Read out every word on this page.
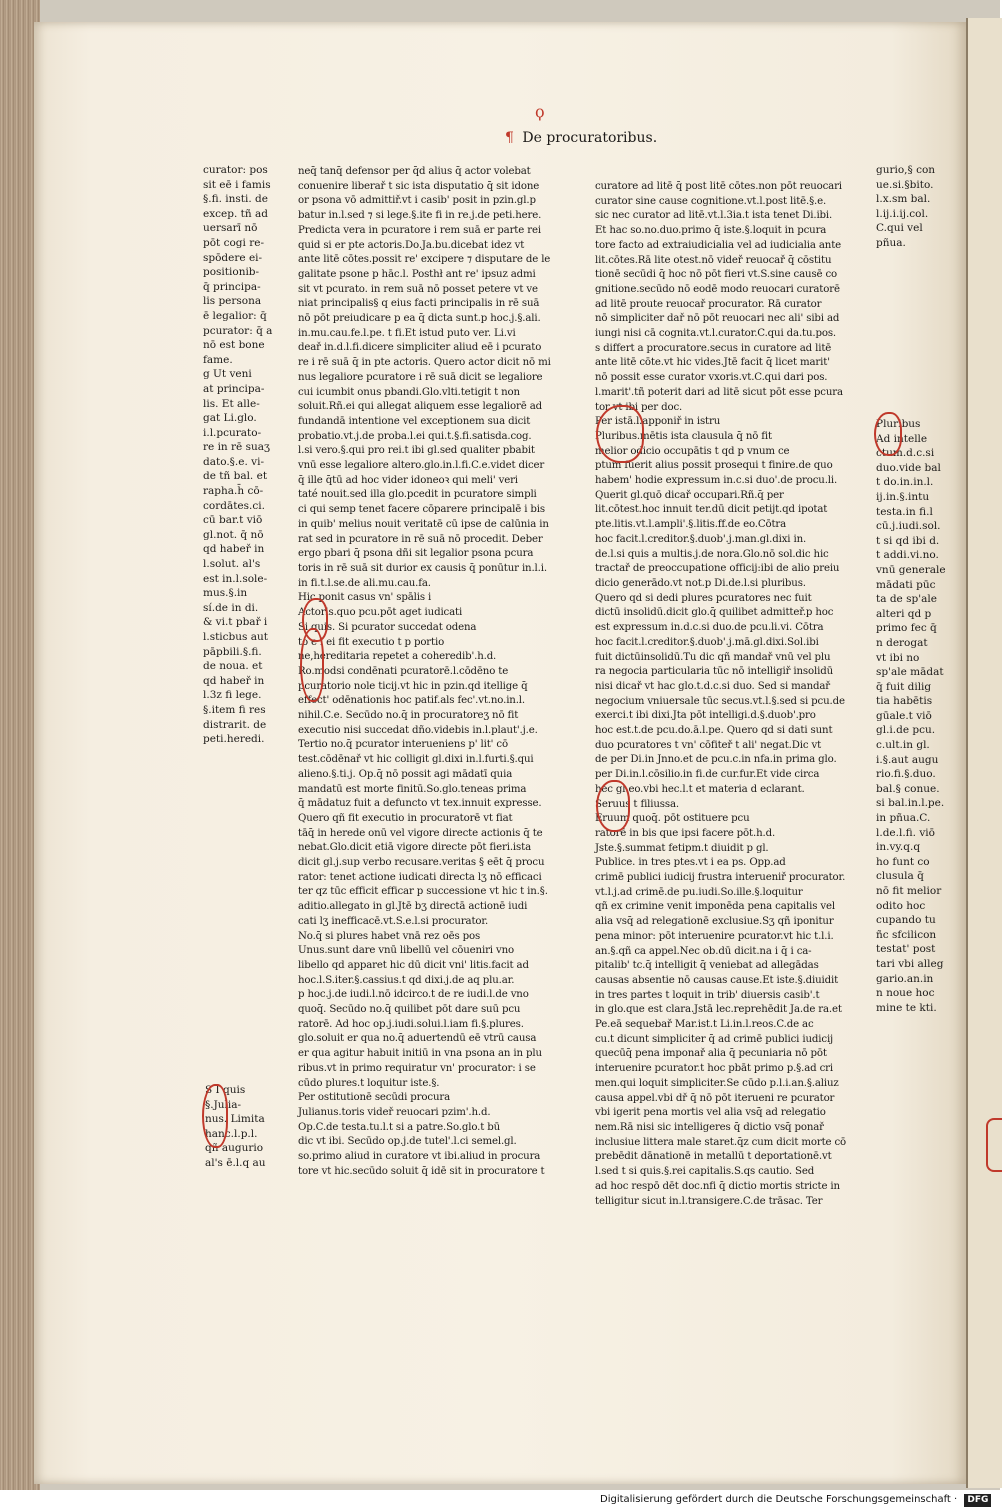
¶ De procuratoribus.

curator: pos

sit eē i famis

§.fi. insti. de

excep. tñ ad

uersarī nō

pōt cogi re-

spōdere ei-

positionib-

q̄ principa-

lis persona

ē legalior: q̄

pcurator: q̄ a

nō est bone

fame.

g Ut veni

at principa-

lis. Et alle-

gat Li.glo.

i.l.pcurato-

re in rē suaʒ

dato.§.e. vi-

de tñ bal. et

rapha.h̄ cō-

cordātes.ci.

cū bar.t viō

gl.not. q̄ nō

qd habeř in

l.solut. al's

est in.l.sole-

mus.§.in

sí.de in di.

& vi.t pbař i

l.sticbus aut

pāpbili.§.fi.

de noua. et

qd habeř in

l.3z fi lege.

§.item fi res

distrarit. de

peti.heredi.

S I quis

§.Julia-

nus. Limita

hanc.l.p.l.

qñ augurio

al's ē.l.q au

neq̄ tanq̄ defensor per q̄d alius q̄ actor volebat

conuenire liberař t sic ista disputatio q̄ sit idone

or psona vō admittiř.vt i casib' posit in pzin.gl.p

batur in.l.sed ⁊ si lege.§.ite fi in re.j.de peti.here.

Predicta vera in pcuratore i rem suā er parte rei

quid si er pte actoris.Do.Ja.bu.dicebat idez vt

ante litē cōtes.possit re' excipere ⁊ disputare de le

galitate psone p hāc.l. Posthł ant re' ipsuz admi

sit vt pcurato. in rem suā nō posset petere vt ve

niat principalis§ q eius facti principalis in rē suā

nō pōt preiudicare p ea q̄ dicta sunt.p hoc.j.§.ali.

in.mu.cau.fe.l.pe. t fi.Et istud puto ver. Li.vi

deař in.d.l.fi.dicere simpliciter aliud eē i pcurato

re i rē suā q̄ in pte actoris. Quero actor dicit nō mi

nus legaliore pcuratore i rē suā dicit se legaliore

cui icumbit onus pbandi.Glo.vlti.tetigit t non

soluit.Rñ.ei qui allegat aliquem esse legaliorē ad

fundandā intentione vel exceptionem sua dicit

probatio.vt.j.de proba.l.ei qui.t.§.fi.satisda.cog.

l.si vero.§.qui pro rei.t ibi gl.sed qualiter pbabit

vnū esse legaliore altero.glo.in.l.fi.C.e.videt dicer

q̄ ille q̄tū ad hoc vider idoneoꝛ qui meli' veri

taté nouit.sed illa glo.pcedit in pcuratore simpli

ci qui semp tenet facere cōparere principalē i bis

in quib' melius nouit veritatē cū ipse de calūnia in

rat sed in pcuratore in rē suā nō procedit. Deber

ergo pbari q̄ psona dñi sit legalior psona pcura

toris in rē suā sit durior ex causis q̄ ponūtur in.l.i.

in fi.t.l.se.de ali.mu.cau.fa.

Hic ponit casus vn' spālis i

Actoris.quo pcu.pōt aget iudicati

Si quis. Si pcurator succedat odena

to e i ei fit executio t p portio

ne,hereditaria repetet a coheredib'.h.d.

Ro.modsi condēnati pcuratorē.l.cōdēno te

pcuratorio nole ticij.vt hic in pzin.qd itellige q̄

effect' odēnationis hoc patif.als fec'.vt.no.in.l.

nihil.C.e. Secūdo no.q̄ in procuratoreʒ nō fit

executio nisi succedat dño.videbis in.l.plaut'.j.e.

Tertio no.q̄ pcurator interueniens p' lit' cō

test.cōdēnař vt hic colligit gl.dixi in.l.furti.§.qui

alieno.§.ti.j. Op.q̄ nō possit agi mādatī quia

mandatū est morte finitū.So.glo.teneas prima

q̄ mādatuz fuit a defuncto vt tex.innuit expresse.

Quero qñ fit executio in procuratorē vt fiat

tāq̄ in herede onū vel vigore directe actionis q̄ te

nebat.Glo.dicit etiā vigore directe pōt fieri.ista

dicit gl.j.sup verbo recusare.veritas § eēt q̄ procu

rator: tenet actione iudicati directa lʒ nō efficaci

ter qz tūc efficit efficar p successione vt hic t in.§.

aditio.allegato in gl.Jtē bʒ directā actionē iudi

cati lʒ inefficacē.vt.S.e.l.si procurator.

No.q̄ si plures habet vnā rez oēs pos

Unus.sunt dare vnū libellū vel cōueniri vno

libello qd apparet hic dū dicit vni' litis.facit ad

hoc.l.S.iter.§.cassius.t qd dixi.j.de aq plu.ar.

p hoc.j.de iudi.l.nō idcirco.t de re iudi.l.de vno

quoq̄. Secūdo no.q̄ quilibet pōt dare suū pcu

ratorē. Ad hoc op.j.iudi.solui.l.iam fi.§.plures.

glo.soluit er qua no.q̄ aduertendū eē vtrū causa

er qua agitur habuit initiū in vna psona an in plu

ribus.vt in primo requiratur vn' procurator: i se

cūdo plures.t loquitur iste.§.

Per ostitutionē secūdi procura

Julianus.toris videř reuocari pzim'.h.d.

Op.C.de testa.tu.l.t si a patre.So.glo.t bū

dic vt ibi. Secūdo op.j.de tutel'.l.ci semel.gl.

so.primo aliud in curatore vt ibi.aliud in procura

tore vt hic.secūdo soluit q̄ idē sit in procuratore t

curatore ad litē q̄ post litē cōtes.non pōt reuocari

curator sine cause cognitione.vt.l.post litē.§.e.

sic nec curator ad litē.vt.l.3ia.t ista tenet Di.ibi.

Et hac so.no.duo.primo q̄ iste.§.loquit in pcura

tore facto ad extraiudicialia vel ad iudicialia ante

lit.cōtes.Rā lite otest.nō videř reuocař q̄ cōstitu

tionē secūdi q̄ hoc nō pōt fieri vt.S.sine causē co

gnitione.secūdo nō eodē modo reuocari curatorē

ad litē proute reuocař procurator. Rā curator

nō simpliciter dař nō pōt reuocari nec ali' sibi ad

iungi nisi cā cognita.vt.l.curator.C.qui da.tu.pos.

s differt a procuratore.secus in curatore ad litē

ante litē cōte.vt hic vides.Jtē facit q̄ licet marit'

nō possit esse curator vxoris.vt.C.qui dari pos.

l.marit'.tñ poterit dari ad litē sicut pōt esse pcura

tor vt ibi per doc.

Per istā.l.apponiř in istru

Pluribus.mētis ista clausula q̄ nō fit

melior odicio occupātis t qd p vnum ce

ptum fuerit alius possit prosequi t finire.de quo

habem' hodie expressum in.c.si duo'.de procu.li.

Querit gl.quō dicař occupari.Rñ.q̄ per

lit.cōtest.hoc innuit ter.dū dicit petijt.qd ipotat

pte.litis.vt.l.ampli'.§.litis.ff.de eo.Cōtra

hoc facit.l.creditor.§.duob'.j.man.gl.dixi in.

de.l.si quis a multis.j.de nora.Glo.nō sol.dic hic

tractař de preoccupatione officij:ibi de alio preiu

dicio generādo.vt not.p Di.de.l.si pluribus.

Quero qd si dedi plures pcuratores nec fuit

dictū insolidū.dicit glo.q̄ quilibet admitteř.p hoc

est expressum in.d.c.si duo.de pcu.li.vi. Cōtra

hoc facit.l.creditor.§.duob'.j.mā.gl.dixi.Sol.ibi

fuit dictūinsolidū.Tu dic qñ mandař vnū vel plu

ra negocia particularia tūc nō intelligiř insolidū

nisi dicař vt hac glo.t.d.c.si duo. Sed si mandař

negocium vniuersale tūc secus.vt.l.§.sed si pcu.de

exerci.t ibi dixi.Jta pōt intelligi.d.§.duob'.pro

hoc est.t.de pcu.do.ā.l.pe. Quero qd si dati sunt

duo pcuratores t vn' cōfiteř t ali' negat.Dic vt

de per Di.in Jnno.et de pcu.c.in nfa.in prima glo.

per Di.in.l.cōsilio.in fi.de cur.fur.Et vide circa

hec gl.eo.vbi hec.l.t et materia d eclarant.

Seruus t filiussa.

Eruum quoq̄. pōt ostituere pcu

ratorē in bis que ipsi facere pōt.h.d.

Jste.§.summat fetipm.t diuidit p gl.

Publice. in tres ptes.vt i ea ps. Opp.ad

crimē publici iudicij frustra interueniř procurator.

vt.l.j.ad crimē.de pu.iudi.So.ille.§.loquitur

qñ ex crimine venit imponēda pena capitalis vel

alia vsq̄ ad relegationē exclusiue.Sʒ qñ iponitur

pena minor: pōt interuenire pcurator.vt hic t.l.i.

an.§.qñ ca appel.Nec ob.dū dicit.na i q̄ i ca-

pitalib' tc.q̄ intelligit q̄ veniebat ad allegādas

causas absentie nō causas cause.Et iste.§.diuidit

in tres partes t loquit in trib' diuersis casib'.t

in glo.que est clara.Jstā lec.reprehēdit Ja.de ra.et

Pe.eā sequebař Mar.ist.t Li.in.l.reos.C.de ac

cu.t dicunt simpliciter q̄ ad crimē publici iudicij

quecūq̄ pena imponař alia q̄ pecuniaria nō pōt

interuenire pcurator.t hoc pbāt primo p.§.ad cri

men.qui loquit simpliciter.Se cūdo p.l.i.an.§.aliuz

causa appel.vbi dř q̄ nō pōt iterueni re pcurator

vbi igerit pena mortis vel alia vsq̄ ad relegatio

nem.Rā nisi sic intelligeres q̄ dictio vsq̄ ponař

inclusiue littera male staret.q̄z cum dicit morte cō

prebēdit dānationē in metallū t deportationē.vt

l.sed t si quis.§.rei capitalis.S.qs cautio. Sed

ad hoc respō dēt doc.nfi q̄ dictio mortis stricte in

telligitur sicut in.l.transigere.C.de trāsac. Ter

gurio,§ con

ue.si.§bito.

l.x.sm bal.

l.ij.i.ij.col.

C.qui vel

pñua.

Pluribus

Ad intelle

ctum.d.c.si

duo.vide bal

t do.in.in.l.

ij.in.§.intu

testa.in fi.l

cū.j.iudi.sol.

t si qd ibi d.

t addi.vi.no.

vnū generale

mādati pūc

ta de sp'ale

alteri qd p

primo fec q̄

n derogat

vt ibi no

sp'ale mādat

q̄ fuit dilig

tia habētis

gūale.t viō

gl.i.de pcu.

c.ult.in gl.

i.§.aut augu

rio.fi.§.duo.

bal.§ conue.

si bal.in.l.pe.

in pñua.C.

l.de.l.fi. viō

in.vy.q.q

ho funt co

clusula q̄

nō fit melior

odito hoc

cupando tu

ñc sfcilicon

testat' post

tari vbi alleg

gario.an.in

n noue hoc

mine te kti.

ϙ
Digitalisierung gefördert durch die Deutsche Forschungsgemeinschaft · DFG
